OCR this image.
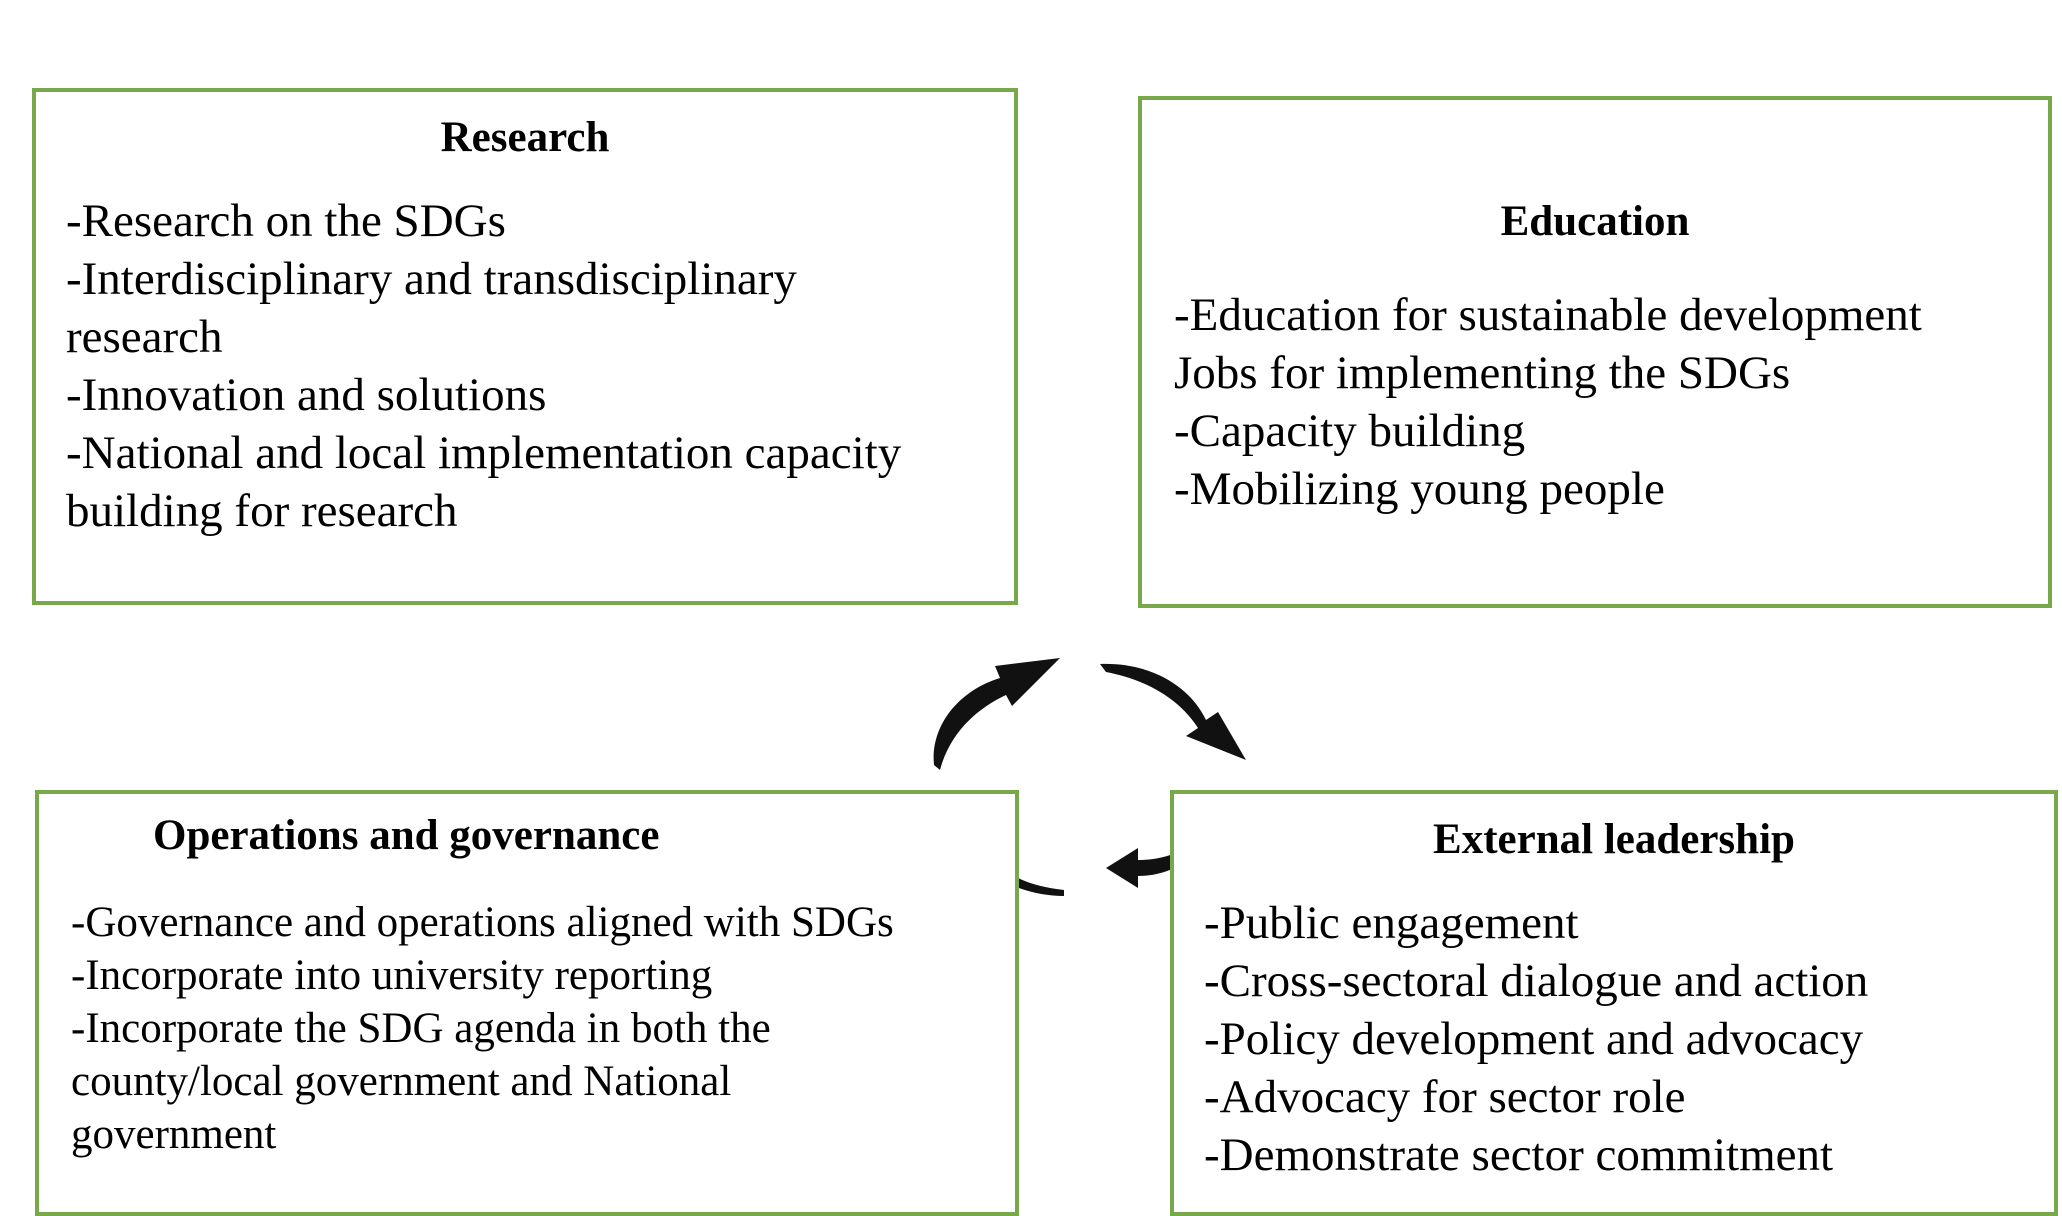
Research
-Research on the SDGs
-Interdisciplinary and transdisciplinary
research
-Innovation and solutions
-National and local implementation capacity
building for research
Education
-Education for sustainable development
Jobs for implementing the SDGs
-Capacity building
-Mobilizing young people
Operations and governance
-Governance and operations aligned with SDGs
-Incorporate into university reporting
-Incorporate the SDG agenda in both the
county/local government and National
government
External leadership
-Public engagement
-Cross-sectoral dialogue and action
-Policy development and advocacy
-Advocacy for sector role
-Demonstrate sector commitment
